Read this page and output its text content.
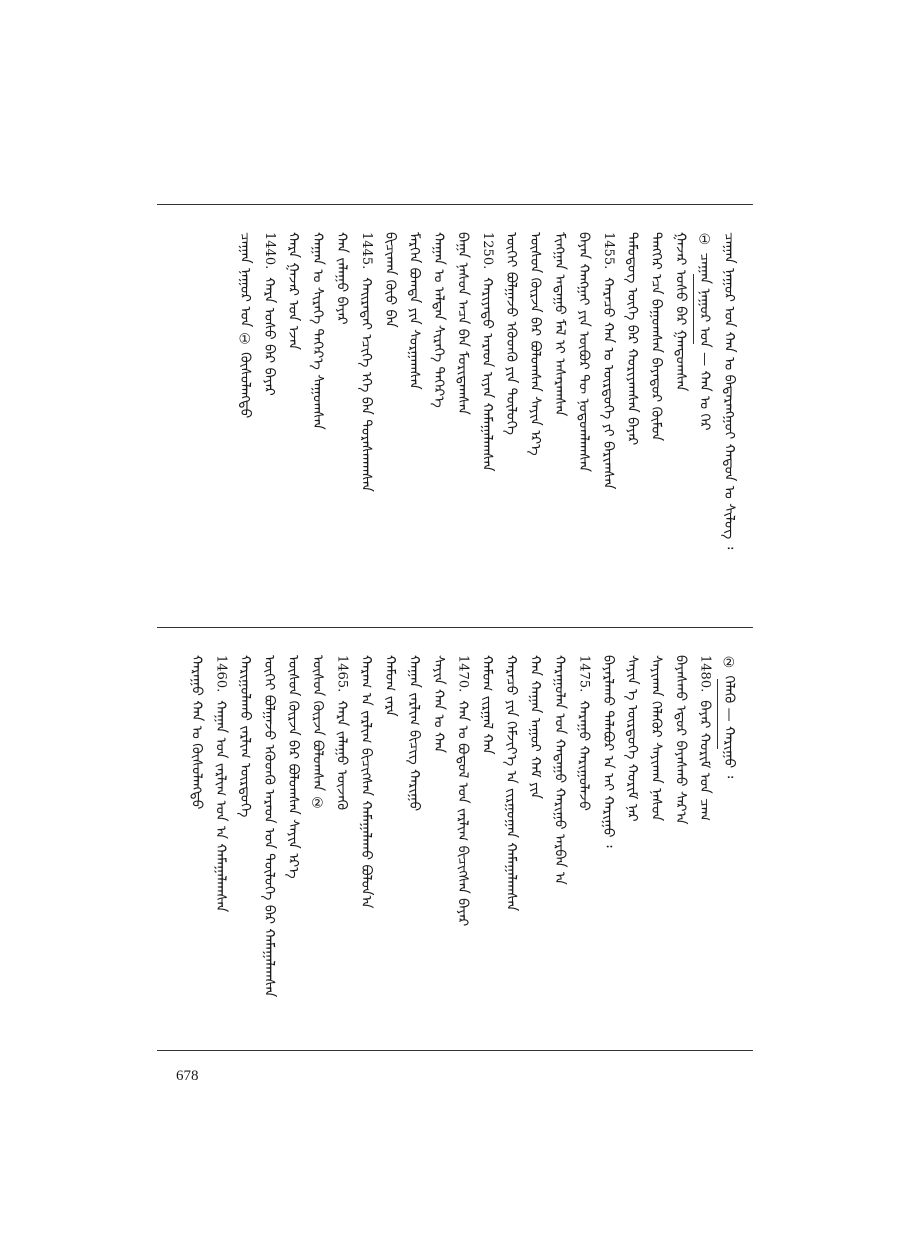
ᠴᠠᠭᠠᠨ ᠨᠠᠭᠤᠷ ᠤᠨ ᠬᠠᠨ ᠤ ᠪᠠᠳᠠᠷᠠᠩᠭᠤᠢ ᠬᠠᠲᠤᠨ ᠤ ᠰᠢᠯᠦᠭ ᠄
① ᠴᠠᠭᠠᠨ ᠨᠠᠭᠤᠷ ᠤᠨ — ᠬᠠᠨ ᠤ ᠭᠡᠷ
ᠭᠠᠵᠠᠷ ᠤᠰᠤ ᠪᠠᠷ ᠭᠠᠨᠳᠤᠭᠰᠠᠨ
ᠲᠡᠩᠭᠡᠷ ᠡᠴᠡ ᠪᠠᠭᠤᠭᠰᠠᠨ ᠪᠠᠶᠠᠲᠤᠷ ᠬᠦᠮᠦᠨ
ᠲᠡᠮᠦᠳᠦᠭ ᠦᠭᠡ ᠪᠠᠷ ᠬᠤᠷᠢᠶᠠᠭᠰᠠᠨ ᠪᠠᠶᠠᠷ
1455.ᠬᠠᠷᠠᠴᠤ ᠬᠠᠨ ᠤ ᠦᠷᠳᠦᠭᠡ ᠶᠢ ᠪᠠᠷᠢᠭᠰᠠᠨ
ᠪᠠᠶᠠᠨ ᠬᠠᠩᠭᠠᠢ ᠶᠢᠨ ᠥᠪᠦᠷ ᠲᠦ ᠨᠤᠲᠤᠭᠯᠠᠭᠰᠠᠨ
ᠮᠢᠩᠭᠠᠨ ᠠᠳᠠᠭᠤ ᠮᠠᠯ ᠢ ᠠᠰᠠᠷᠠᠭᠰᠠᠨ
ᠦᠰᠦᠨ ᠬᠦᠷᠵᠡ ᠪᠡᠷ ᠪᠣᠯᠤᠭᠰᠠᠨ ᠰᠠᠶᠢᠨ ᠡᠷ᠎ᠡ
ᠦᠭᠡᠢ ᠪᠣᠯᠭᠠᠵᠤ ᠡᠭᠦᠳᠬᠦ ᠶᠢᠨ ᠲᠥᠯᠦᠭᠡ
1250.ᠬᠠᠷᠢᠶᠠᠲᠤ ᠠᠷᠠᠳ ᠢᠶᠠᠨ ᠬᠠᠮᠠᠭᠠᠯᠠᠭᠰᠠᠨ
ᠪᠠᠭᠠ ᠨᠠᠰᠤᠨ ᠠᠴᠠ ᠪᠡᠨ ᠮᠣᠷᠢᠳᠠᠭᠰᠠᠨ
ᠬᠠᠭᠠᠨ ᠤ ᠠᠯᠲᠠᠨ ᠰᠢᠷᠡᠭᠡ ᠳᠡᠭᠡᠷ᠎ᠡ
ᠮᠡᠷᠭᠡᠨ ᠪᠣᠭᠳᠠ ᠶᠢᠨ ᠰᠤᠷᠭᠠᠭᠰᠠᠨ
ᠪᠢᠴᠢᠬᠠᠨ ᠬᠦᠦ ᠪᠡᠨ
1445.ᠬᠠᠢᠷᠠᠲᠠᠢ ᠡᠴᠢᠭᠡ ᠡᠬᠡ ᠪᠡᠨ ᠳᠤᠷᠠᠰᠬᠠᠭᠰᠠᠨ
ᠬᠠᠨ ᠵᠠᠯᠠᠭᠤ ᠪᠠᠶᠠᠷ
ᠬᠠᠭᠠᠨ ᠤ ᠰᠢᠷᠡᠭᠡ ᠳᠡᠭᠡᠷ᠎ᠡ ᠰᠠᠭᠤᠭᠰᠠᠨ
ᠬᠠᠷᠠ ᠭᠠᠵᠠᠷ ᠤᠨ ᠡᠵᠡᠨ
1440.ᠬᠠᠷᠠ ᠤᠰᠤ ᠪᠠᠷ ᠪᠠᠶᠠᠷ
ᠴᠠᠭᠠᠨ ᠨᠠᠭᠤᠷ ᠤᠨ ① ᠬᠦᠰᠦᠯᠡᠩᠲᠦ
② ᠬᠡᠯᠡᠬᠦ — ᠬᠠᠷᠢᠭᠤ ᠄
1480.ᠪᠠᠶᠠᠷ ᠬᠤᠷᠢᠮ ᠤᠨ ᠴᠠᠭ
ᠪᠠᠶᠠᠰᠬᠤ ᠡᠳᠦᠷ ᠪᠠᠶᠠᠰᠬᠤ ᠰᠠᠷ᠎ᠠ
ᠰᠠᠶᠢᠬᠠᠨ ᠬᠡᠯᠡᠭᠦᠷ ᠰᠠᠶᠢᠬᠠᠨ ᠨᠠᠰᠤᠨ
ᠰᠠᠶᠢᠨ ᠡ ᠦᠷᠳᠦᠭᠡ ᠬᠤᠷᠢᠮ ᠨᠠᠷ
ᠪᠠᠶᠠᠷᠯᠠᠬᠤ ᠲᠠᠯᠠᠪᠤᠷ ᠠ ᠠᠢ ᠬᠠᠷᠢᠭᠤ ᠄
1475.ᠬᠠᠷᠠᠭᠤ ᠬᠠᠷᠢᠭᠤᠯᠠᠵᠤ
ᠬᠠᠷᠠᠭᠤᠯᠠᠨ ᠤᠨ ᠬᠠᠲᠠᠭᠤ ᠬᠠᠷᠢᠭᠤ ᠠᠷᠪᠠᠨ ᠠ
ᠬᠠᠨ ᠬᠠᠭᠠᠨ ᠠᠭᠤᠷ ᠬᠠᠮ ᠶᠢᠨ
ᠬᠠᠷᠠᠴᠤ ᠶᠢᠨ ᠬᠡᠮᠵᠢᠶ᠎ᠡ ᠠ ᠵᠢᠷᠭᠤᠭᠠᠨ ᠬᠠᠮᠠᠭᠠᠯᠠᠭᠰᠠᠨ
ᠬᠠᠮᠤᠭ ᠵᠢᠷᠭᠠᠯ ᠬᠠᠨ
1470.ᠬᠠᠨ ᠤ ᠪᠣᠳᠣᠯ ᠤᠨ ᠵᠠᠷᠯᠢᠭ ᠪᠢᠴᠢᠭᠰᠡᠨ ᠪᠠᠶᠠᠷ
ᠰᠠᠶᠢᠨ ᠬᠠᠨ ᠤ ᠬᠠᠨ
ᠬᠠᠭᠠᠨ ᠵᠠᠷᠯᠢᠭ ᠪᠢᠴᠢᠭ ᠬᠠᠷᠢᠭᠤ
ᠬᠠᠮᠤᠭ ᠵᠠᠷᠠ
ᠬᠠᠷᠠᠭ ᠠ ᠵᠠᠷᠯᠢᠭ ᠪᠢᠴᠢᠭᠰᠡᠨ ᠬᠠᠮᠠᠭᠠᠯᠠᠬᠤ ᠪᠣᠯᠤᠨ᠎ᠠ
1465.ᠬᠠᠷᠠ ᠵᠠᠯᠠᠭᠤ ᠦᠵᠡᠭᠦ
ᠦᠰᠦᠨ ᠬᠦᠷᠵᠡ ᠪᠣᠯᠤᠭᠰᠠᠨ ②
ᠦᠰᠦᠨ ᠬᠦᠷᠵᠡ ᠪᠡᠷ ᠪᠣᠯᠤᠭᠰᠠᠨ ᠰᠠᠶᠢᠨ ᠡᠷ᠎ᠡ
ᠦᠭᠡᠢ ᠪᠣᠯᠭᠠᠵᠤ ᠡᠭᠦᠳᠬᠦ ᠠᠷᠠᠳ ᠤᠨ ᠲᠥᠯᠦᠭᠡ ᠪᠡᠷ ᠬᠠᠮᠠᠭᠠᠯᠠᠭᠰᠠᠨ
ᠬᠠᠷᠢᠭᠤᠯᠠᠬᠤ ᠵᠠᠷᠯᠢᠭ ᠦᠷᠳᠦᠭᠡ
1460.ᠬᠠᠭᠠᠨ ᠤᠨ ᠵᠠᠷᠯᠢᠭ ᠤᠨ ᠠ ᠬᠠᠮᠠᠭᠠᠯᠠᠭᠰᠠᠨ
ᠬᠠᠷᠠᠭᠤ ᠬᠠᠨ ᠤ ᠬᠦᠰᠦᠯᠡᠩᠲᠦ
678
